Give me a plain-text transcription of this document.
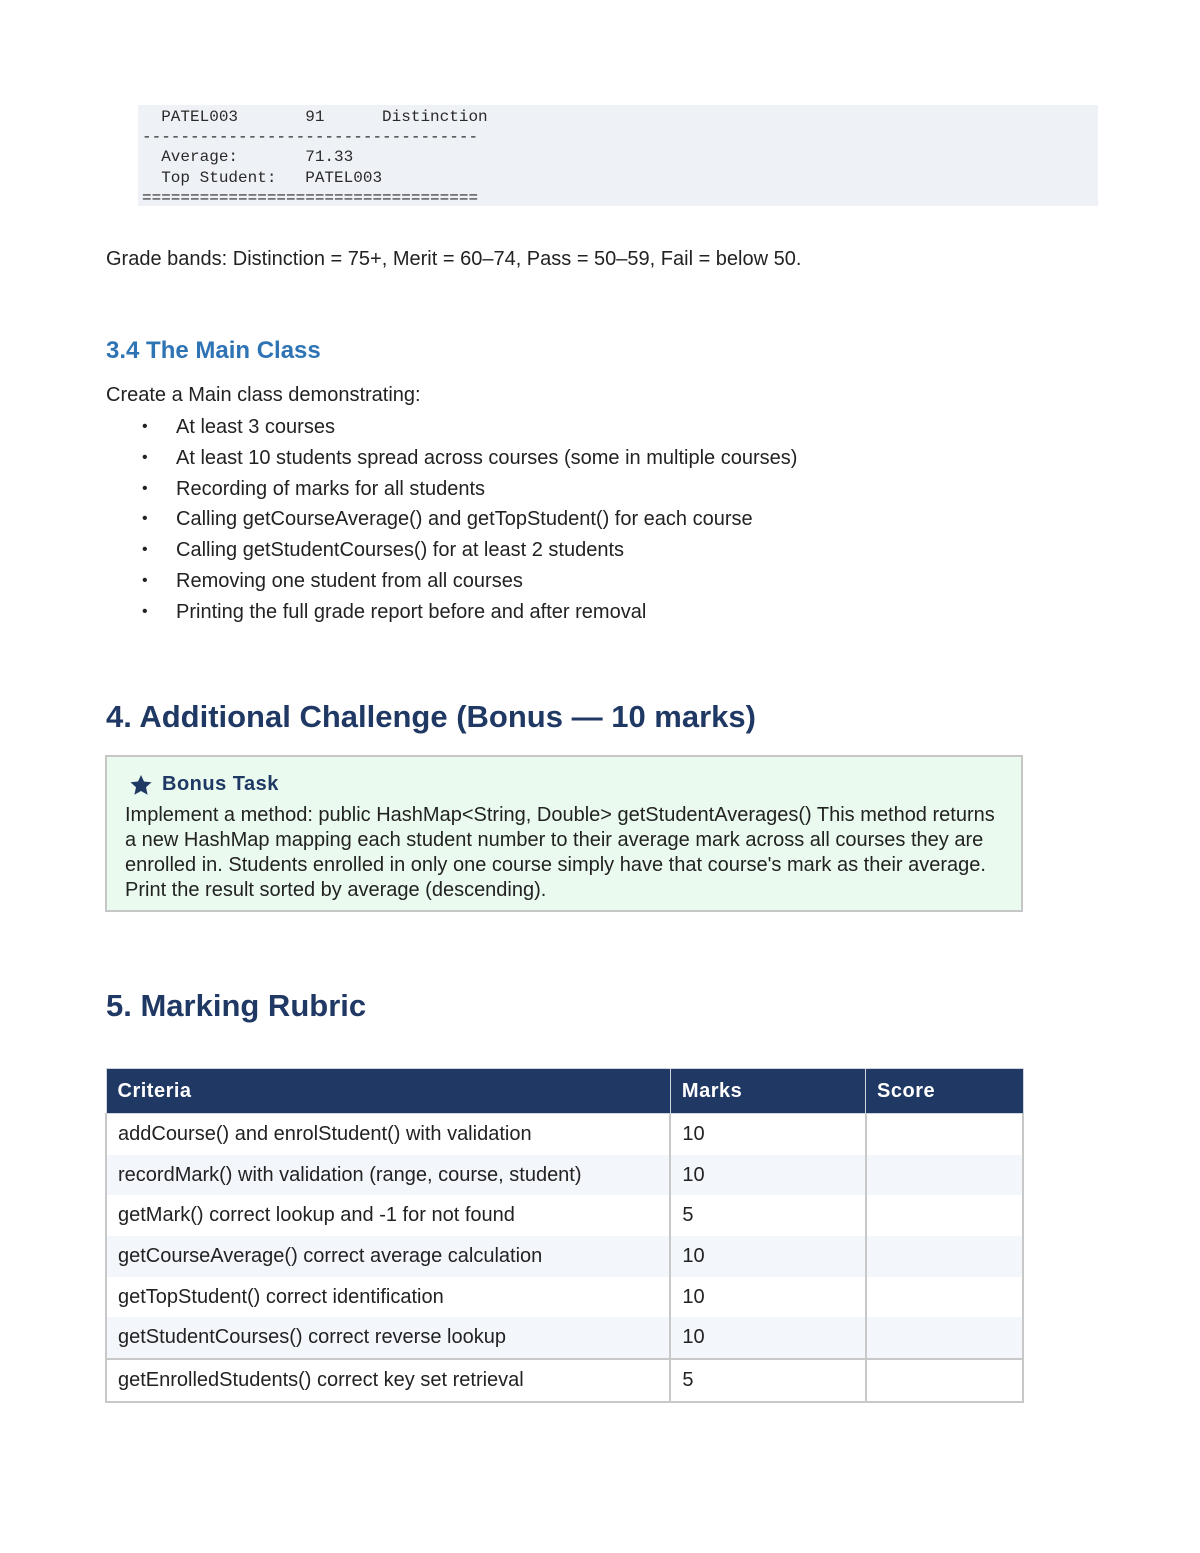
PATEL003       91      Distinction
-----------------------------------
Average:       71.33
Top Student:   PATEL003
===================================
Grade bands: Distinction = 75+, Merit = 60–74, Pass = 50–59, Fail = below 50.
3.4 The Main Class
Create a Main class demonstrating:
• At least 3 courses
• At least 10 students spread across courses (some in multiple courses)
• Recording of marks for all students
• Calling getCourseAverage() and getTopStudent() for each course
• Calling getStudentCourses() for at least 2 students
• Removing one student from all courses
• Printing the full grade report before and after removal
4. Additional Challenge (Bonus — 10 marks)
Bonus Task
Implement a method: public HashMap<String, Double> getStudentAverages() This method returns a new HashMap mapping each student number to their average mark across all courses they are enrolled in. Students enrolled in only one course simply have that course's mark as their average. Print the result sorted by average (descending).
5. Marking Rubric
Criteria	Marks	Score
addCourse() and enrolStudent() with validation	10	
recordMark() with validation (range, course, student)	10	
getMark() correct lookup and -1 for not found	5	
getCourseAverage() correct average calculation	10	
getTopStudent() correct identification	10	
getStudentCourses() correct reverse lookup	10	
getEnrolledStudents() correct key set retrieval	5	
